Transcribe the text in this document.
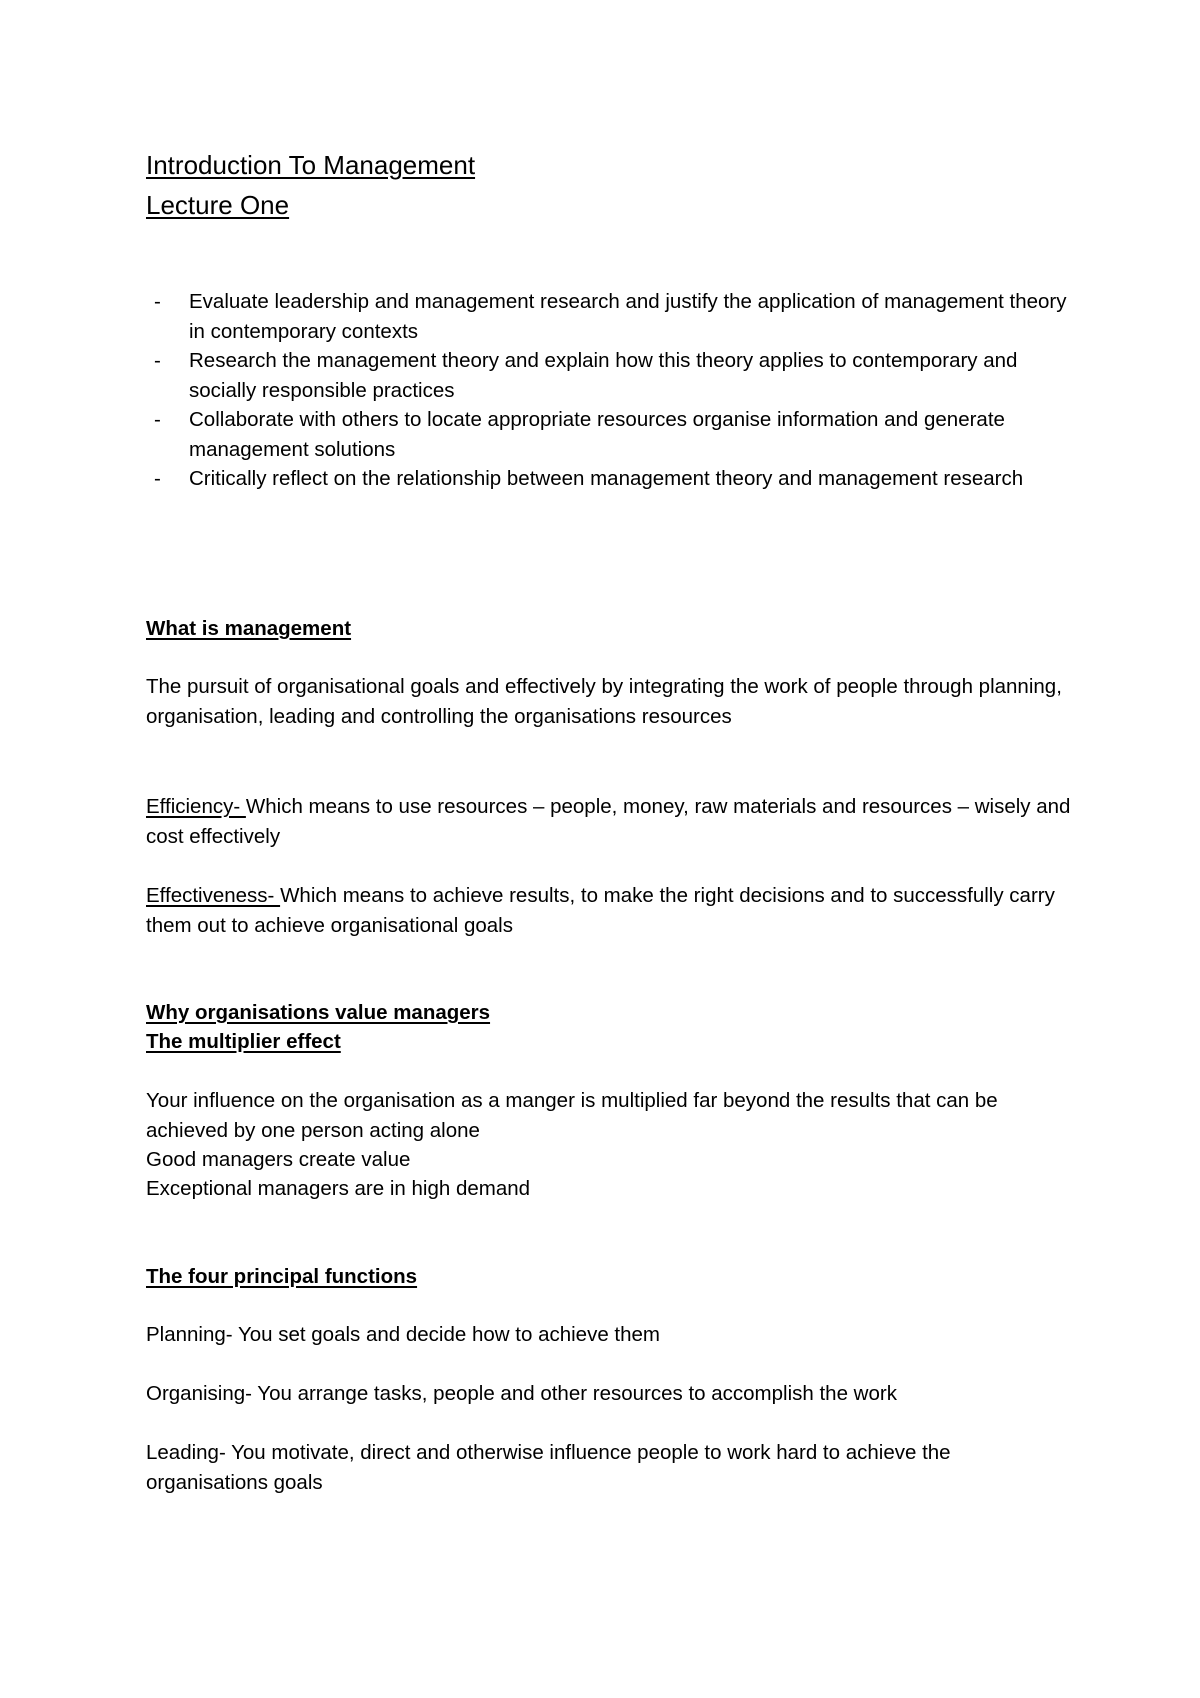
Introduction To Management
Lecture One
- Evaluate leadership and management research and justify the application of management theory in contemporary contexts
- Research the management theory and explain how this theory applies to contemporary and socially responsible practices
- Collaborate with others to locate appropriate resources organise information and generate management solutions
- Critically reflect on the relationship between management theory and management research
What is management
The pursuit of organisational goals and effectively by integrating the work of people through planning, organisation, leading and controlling the organisations resources
Efficiency- Which means to use resources – people, money, raw materials and resources – wisely and cost effectively
Effectiveness- Which means to achieve results, to make the right decisions and to successfully carry them out to achieve organisational goals
Why organisations value managers
The multiplier effect
Your influence on the organisation as a manger is multiplied far beyond the results that can be achieved by one person acting alone
Good managers create value
Exceptional managers are in high demand
The four principal functions
Planning- You set goals and decide how to achieve them
Organising- You arrange tasks, people and other resources to accomplish the work
Leading- You motivate, direct and otherwise influence people to work hard to achieve the organisations goals
